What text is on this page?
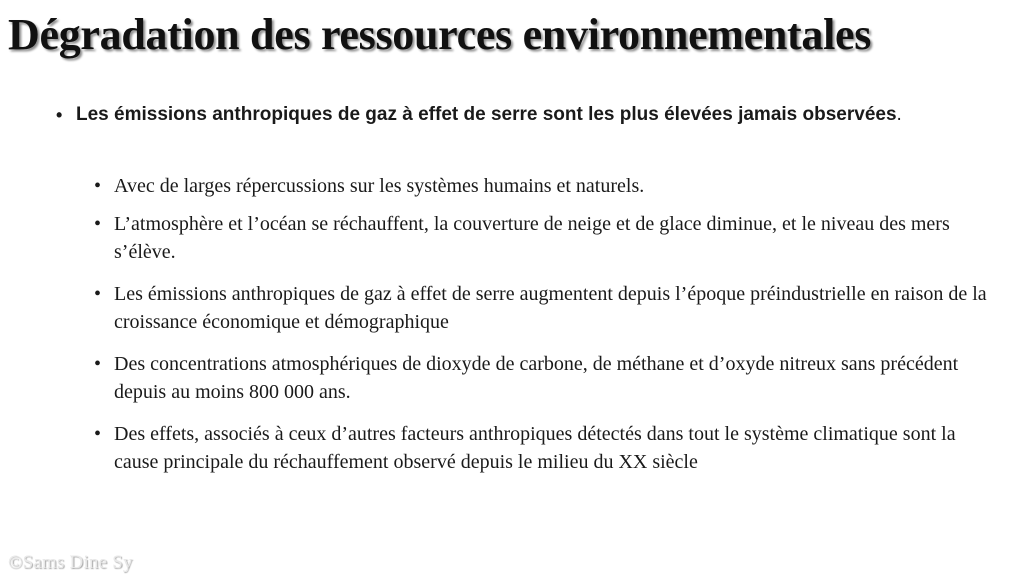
Dégradation des ressources environnementales
• Les émissions anthropiques de gaz à effet de serre sont les plus élevées jamais observées.
• Avec de larges répercussions sur les systèmes humains et naturels.
• L’atmosphère et l’océan se réchauffent, la couverture de neige et de glace diminue, et le niveau des mers s’élève.
• Les émissions anthropiques de gaz à effet de serre augmentent depuis l’époque préindustrielle en raison de la croissance économique et démographique
• Des concentrations atmosphériques de dioxyde de carbone, de méthane et d’oxyde nitreux sans précédent depuis au moins 800 000 ans.
• Des effets, associés à ceux d’autres facteurs anthropiques détectés dans tout le système climatique sont la cause principale du réchauffement observé depuis le milieu du XX siècle
©Sams Dine Sy
